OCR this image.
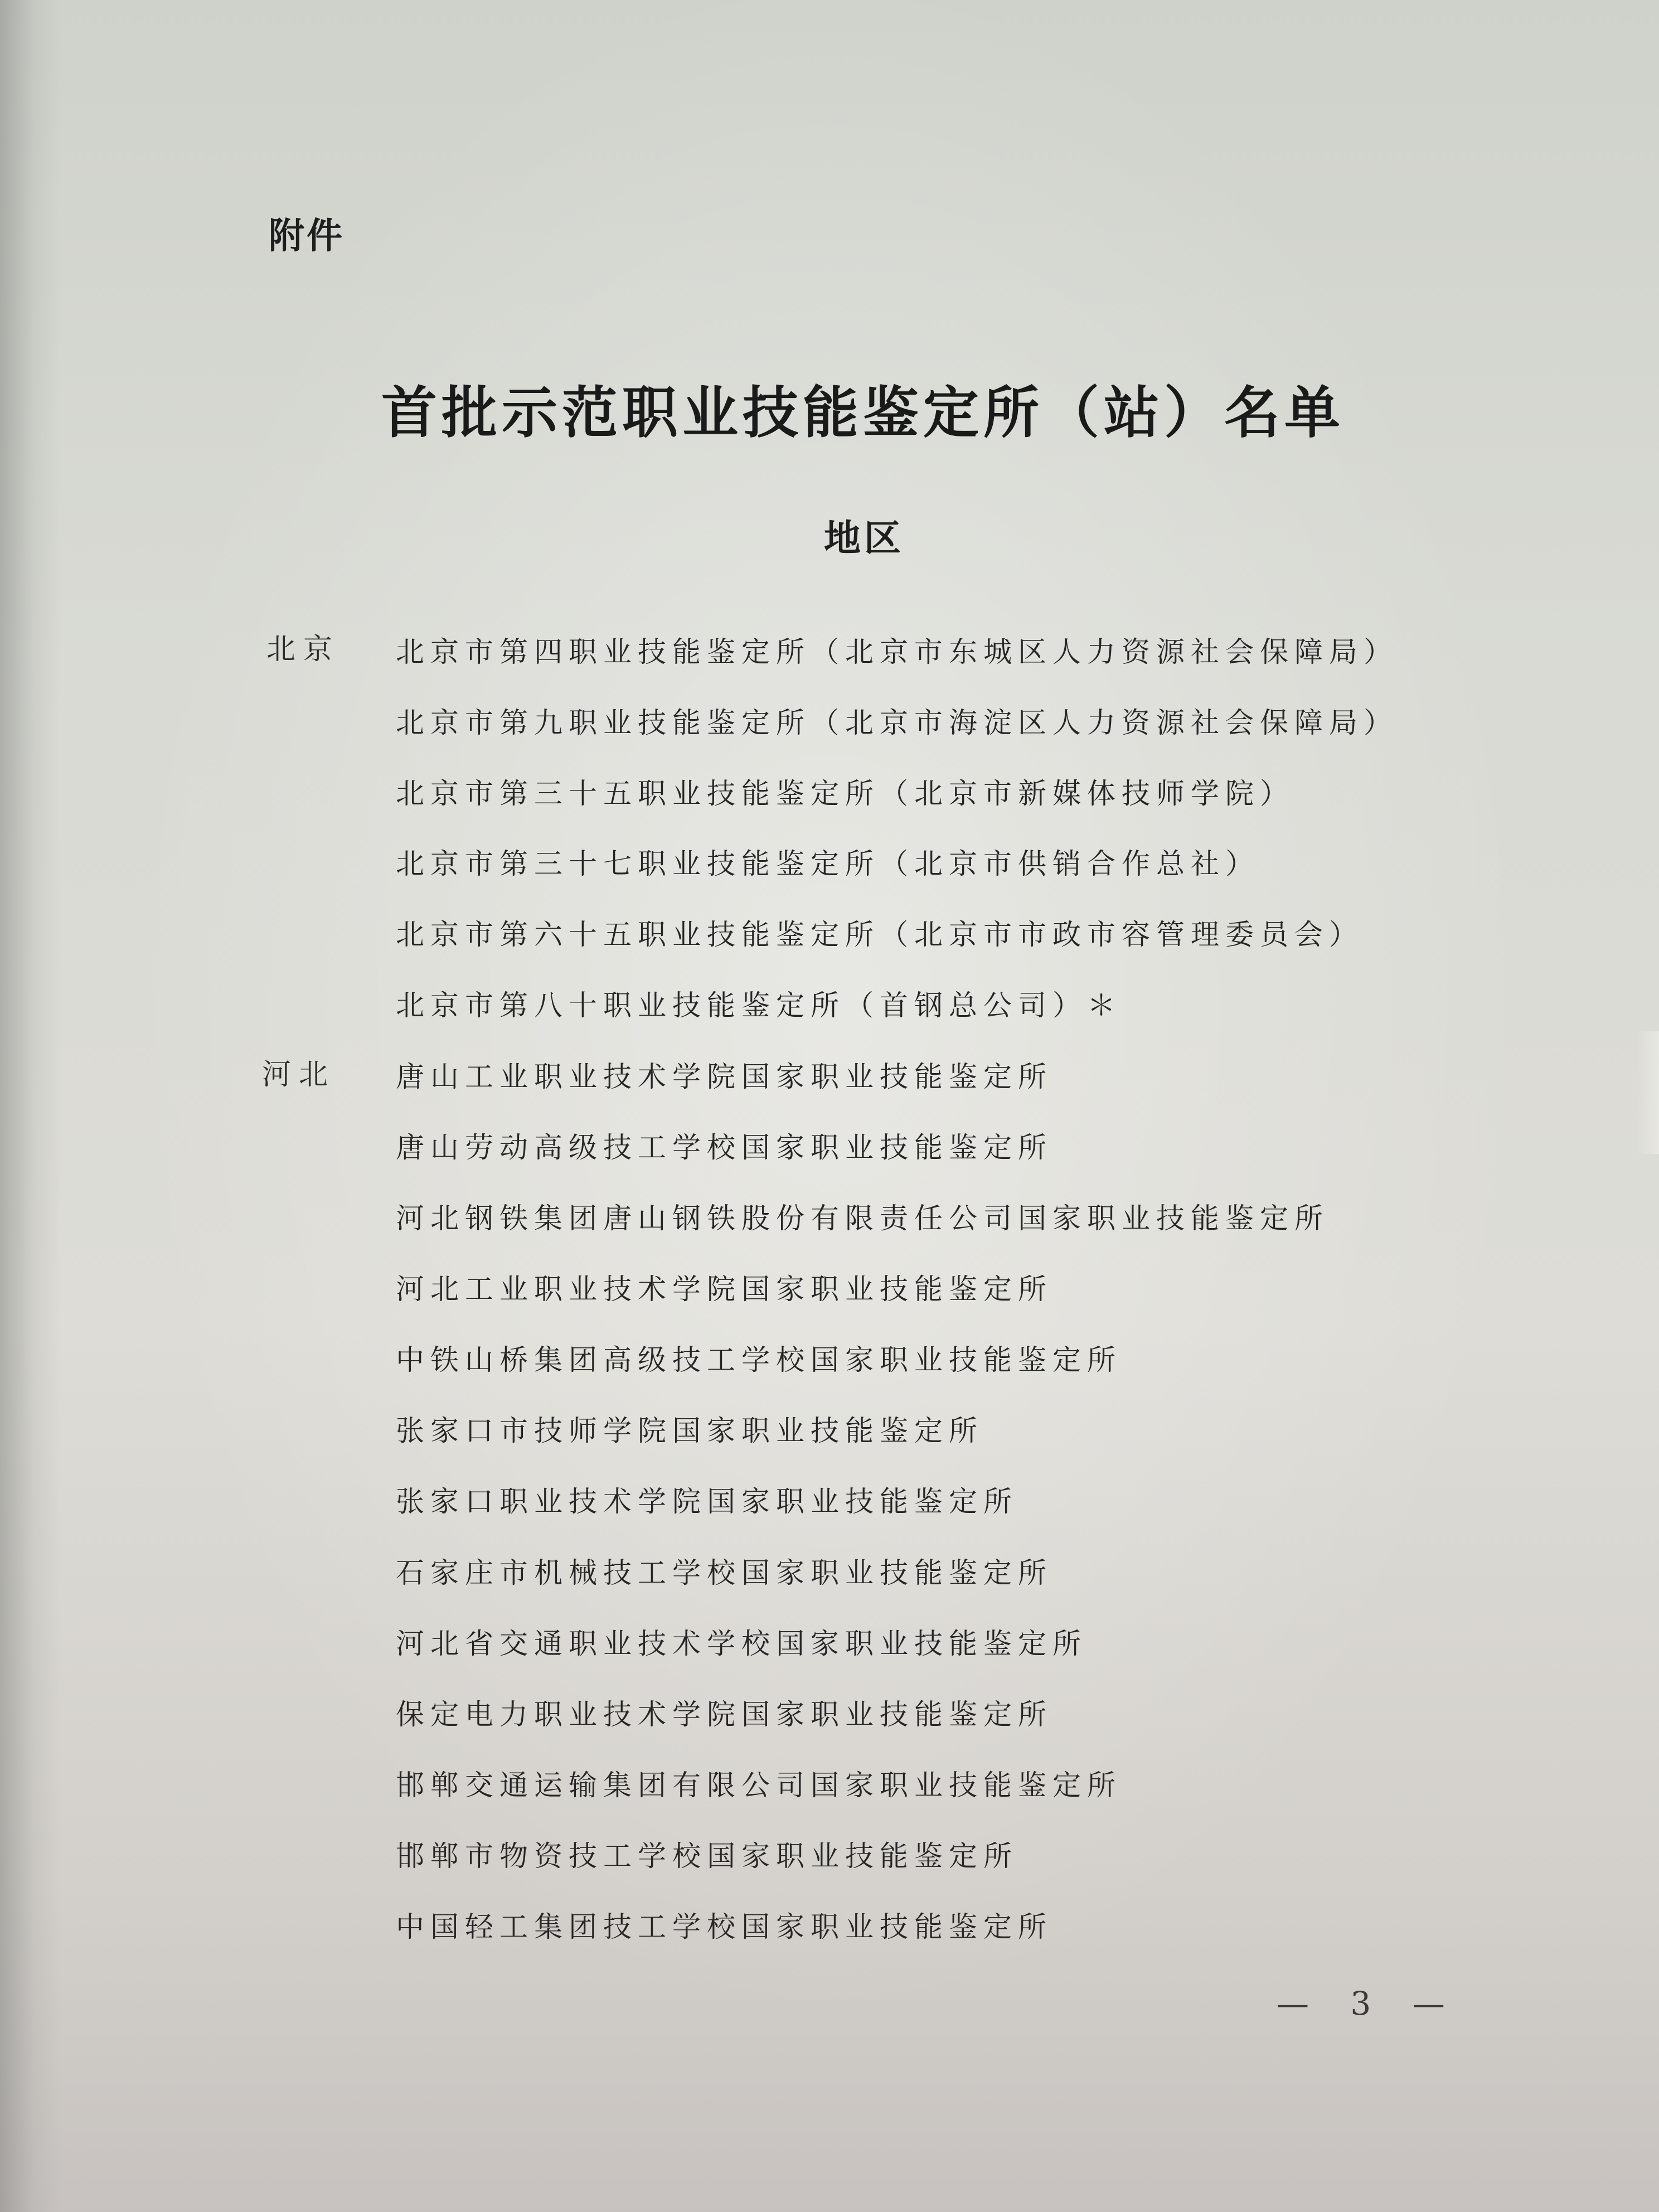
附件
首批示范职业技能鉴定所（站）名单
地区
北京 北京市第四职业技能鉴定所（北京市东城区人力资源社会保障局）
北京市第九职业技能鉴定所（北京市海淀区人力资源社会保障局）
北京市第三十五职业技能鉴定所（北京市新媒体技师学院）
北京市第三十七职业技能鉴定所（北京市供销合作总社）
北京市第六十五职业技能鉴定所（北京市市政市容管理委员会）
北京市第八十职业技能鉴定所（首钢总公司）＊
河北 唐山工业职业技术学院国家职业技能鉴定所
唐山劳动高级技工学校国家职业技能鉴定所
河北钢铁集团唐山钢铁股份有限责任公司国家职业技能鉴定所
河北工业职业技术学院国家职业技能鉴定所
中铁山桥集团高级技工学校国家职业技能鉴定所
张家口市技师学院国家职业技能鉴定所
张家口职业技术学院国家职业技能鉴定所
石家庄市机械技工学校国家职业技能鉴定所
河北省交通职业技术学校国家职业技能鉴定所
保定电力职业技术学院国家职业技能鉴定所
邯郸交通运输集团有限公司国家职业技能鉴定所
邯郸市物资技工学校国家职业技能鉴定所
中国轻工集团技工学校国家职业技能鉴定所
— 3 —
